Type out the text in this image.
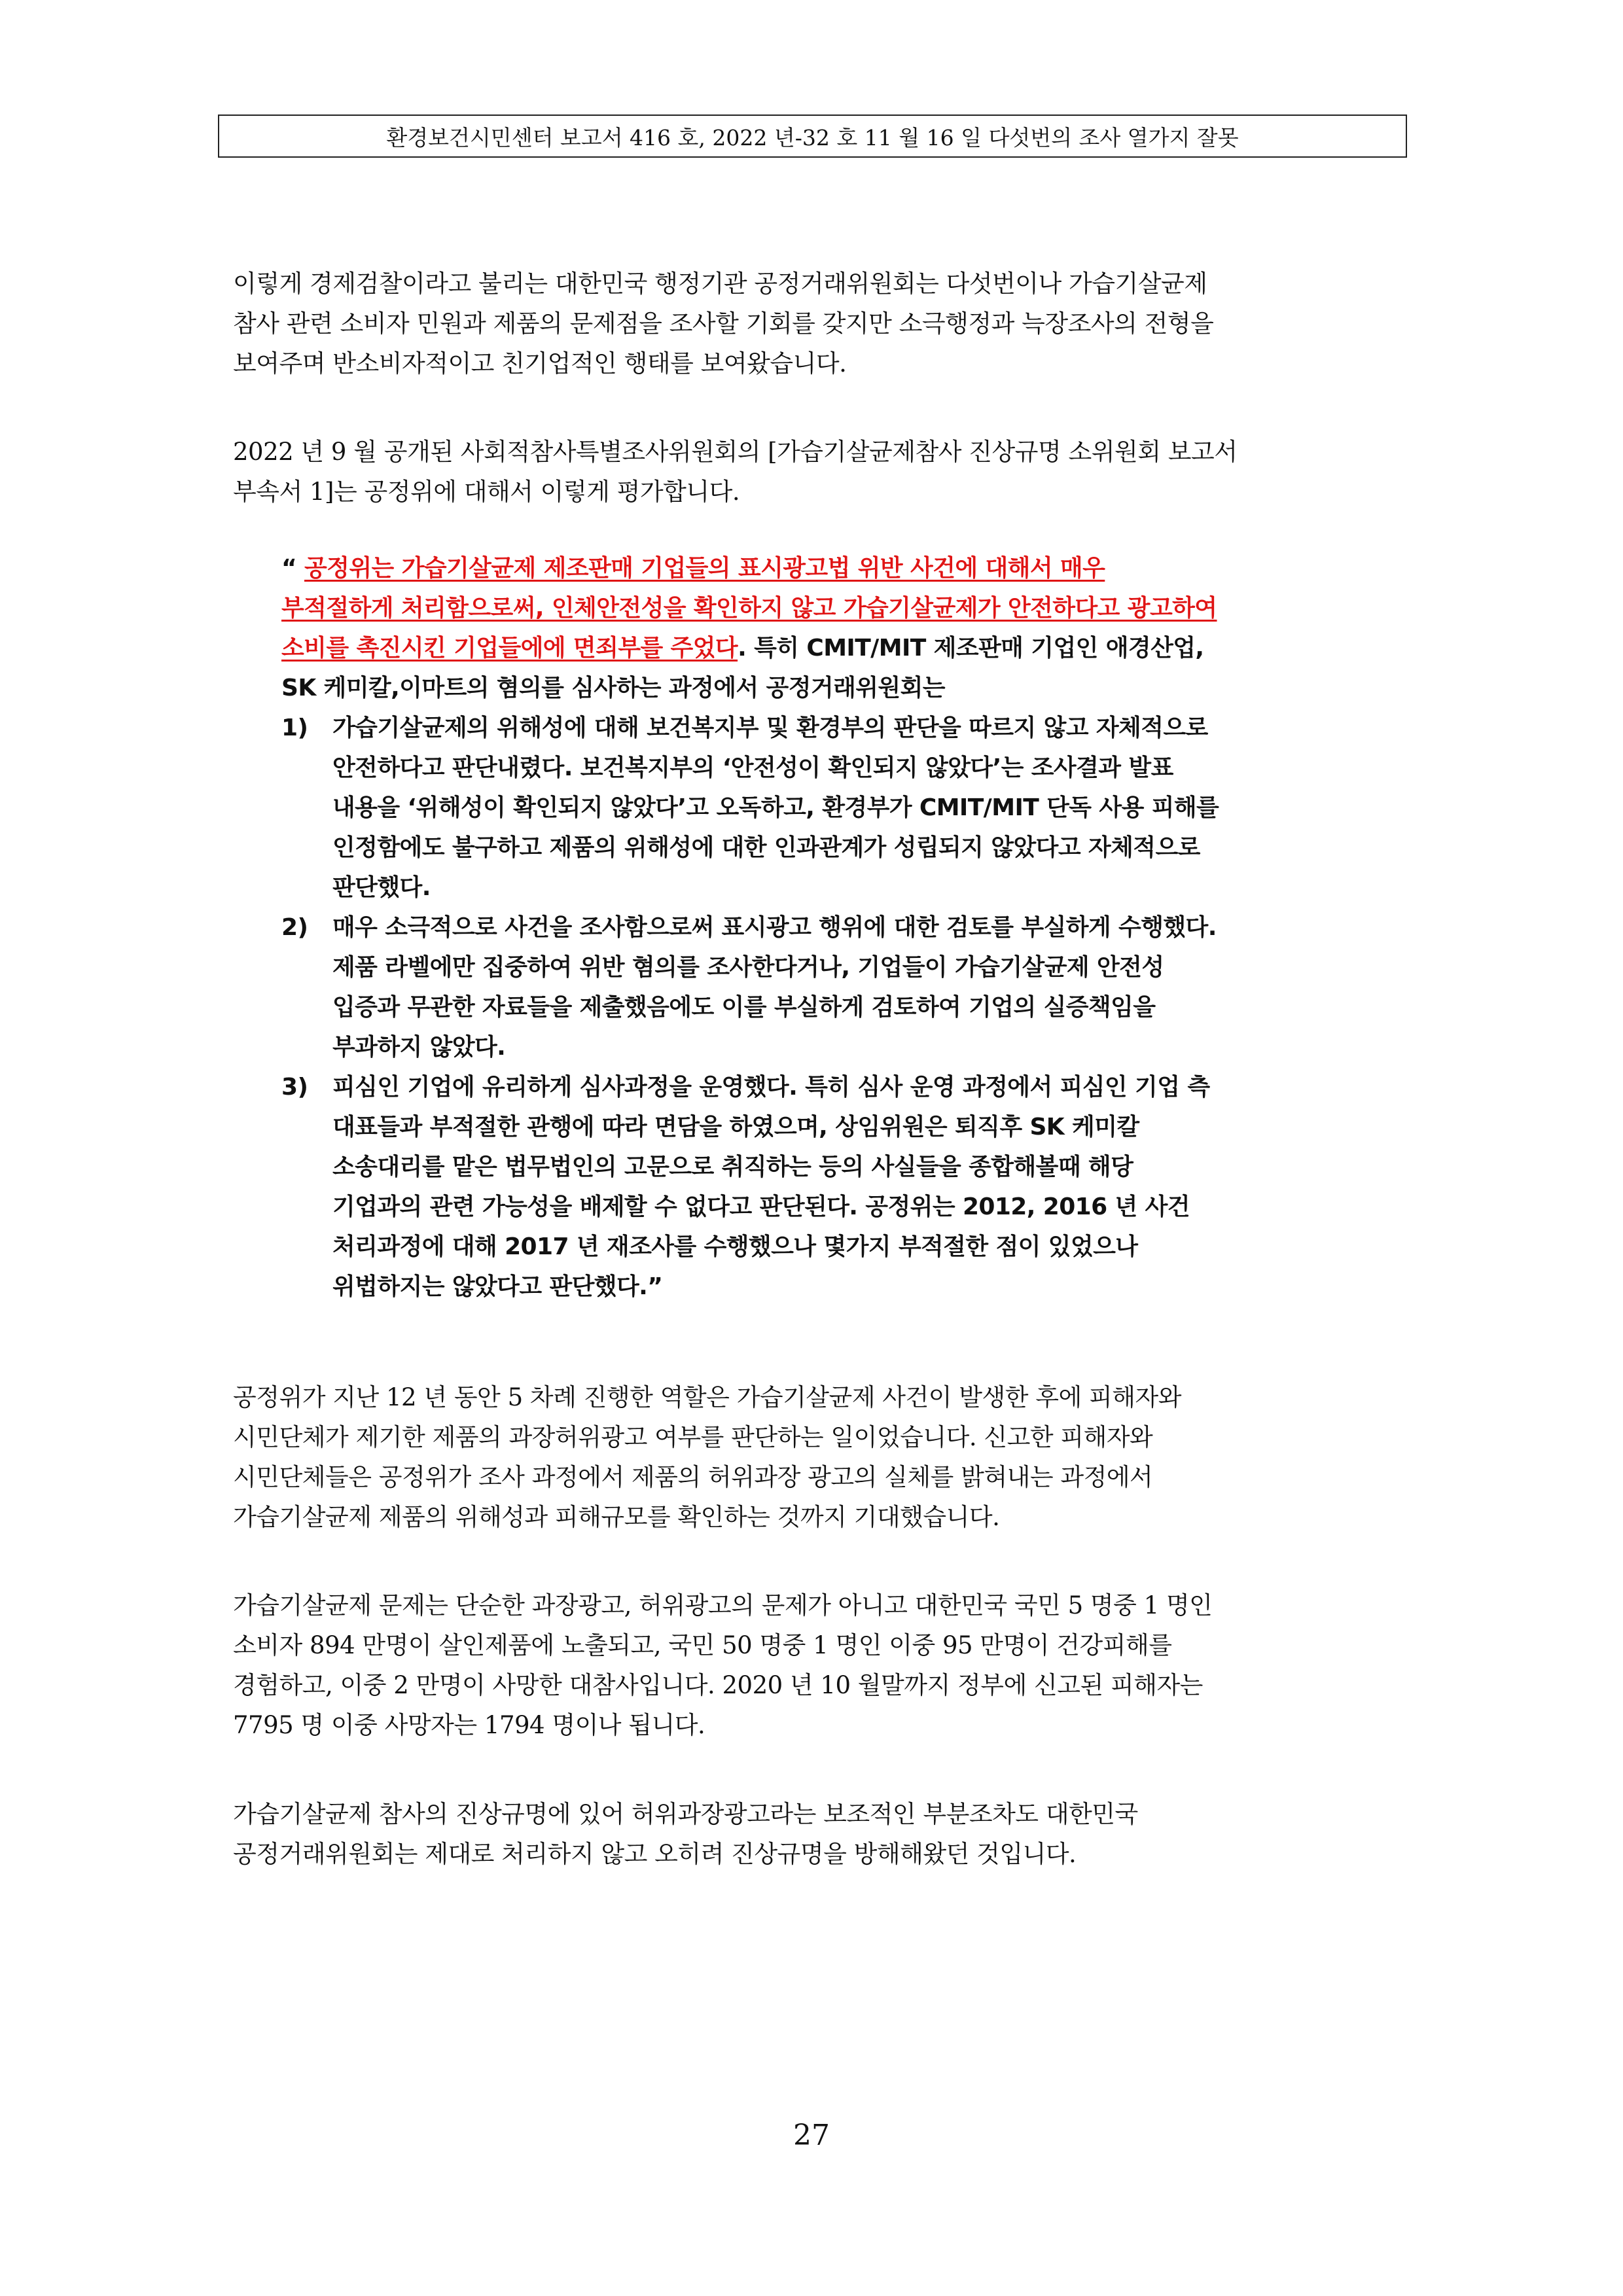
환경보건시민센터 보고서 416 호, 2022 년-32 호 11 월 16 일 다섯번의 조사 열가지 잘못
이렇게 경제검찰이라고 불리는 대한민국 행정기관 공정거래위원회는 다섯번이나 가습기살균제
참사 관련 소비자 민원과 제품의 문제점을 조사할 기회를 갖지만 소극행정과 늑장조사의 전형을
보여주며 반소비자적이고 친기업적인 행태를 보여왔습니다.
2022 년 9 월 공개된 사회적참사특별조사위원회의 [가습기살균제참사 진상규명 소위원회 보고서
부속서 1]는 공정위에 대해서 이렇게 평가합니다.
“ 공정위는 가습기살균제 제조판매 기업들의 표시광고법 위반 사건에 대해서 매우
부적절하게 처리함으로써, 인체안전성을 확인하지 않고 가습기살균제가 안전하다고 광고하여
소비를 촉진시킨 기업들에에 면죄부를 주었다. 특히 CMIT/MIT 제조판매 기업인 애경산업,
SK 케미칼,이마트의 혐의를 심사하는 과정에서 공정거래위원회는
1) 가습기살균제의 위해성에 대해 보건복지부 및 환경부의 판단을 따르지 않고 자체적으로
안전하다고 판단내렸다. 보건복지부의 ‘안전성이 확인되지 않았다’는 조사결과 발표
내용을 ‘위해성이 확인되지 않았다’고 오독하고, 환경부가 CMIT/MIT 단독 사용 피해를
인정함에도 불구하고 제품의 위해성에 대한 인과관계가 성립되지 않았다고 자체적으로
판단했다.
2) 매우 소극적으로 사건을 조사함으로써 표시광고 행위에 대한 검토를 부실하게 수행했다.
제품 라벨에만 집중하여 위반 혐의를 조사한다거나, 기업들이 가습기살균제 안전성
입증과 무관한 자료들을 제출했음에도 이를 부실하게 검토하여 기업의 실증책임을
부과하지 않았다.
3) 피심인 기업에 유리하게 심사과정을 운영했다. 특히 심사 운영 과정에서 피심인 기업 측
대표들과 부적절한 관행에 따라 면담을 하였으며, 상임위원은 퇴직후 SK 케미칼
소송대리를 맡은 법무법인의 고문으로 취직하는 등의 사실들을 종합해볼때 해당
기업과의 관련 가능성을 배제할 수 없다고 판단된다. 공정위는 2012, 2016 년 사건
처리과정에 대해 2017 년 재조사를 수행했으나 몇가지 부적절한 점이 있었으나
위법하지는 않았다고 판단했다.”
공정위가 지난 12 년 동안 5 차례 진행한 역할은 가습기살균제 사건이 발생한 후에 피해자와
시민단체가 제기한 제품의 과장허위광고 여부를 판단하는 일이었습니다. 신고한 피해자와
시민단체들은 공정위가 조사 과정에서 제품의 허위과장 광고의 실체를 밝혀내는 과정에서
가습기살균제 제품의 위해성과 피해규모를 확인하는 것까지 기대했습니다.
가습기살균제 문제는 단순한 과장광고, 허위광고의 문제가 아니고 대한민국 국민 5 명중 1 명인
소비자 894 만명이 살인제품에 노출되고, 국민 50 명중 1 명인 이중 95 만명이 건강피해를
경험하고, 이중 2 만명이 사망한 대참사입니다. 2020 년 10 월말까지 정부에 신고된 피해자는
7795 명 이중 사망자는 1794 명이나 됩니다.
가습기살균제 참사의 진상규명에 있어 허위과장광고라는 보조적인 부분조차도 대한민국
공정거래위원회는 제대로 처리하지 않고 오히려 진상규명을 방해해왔던 것입니다.
27
